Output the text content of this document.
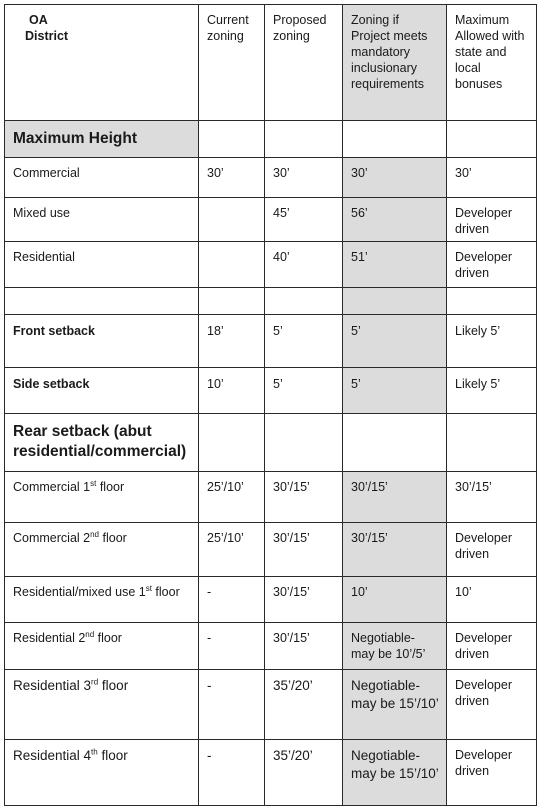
OA
District	Current zoning	Proposed zoning	Zoning if Project meets mandatory inclusionary requirements	Maximum Allowed with state and local bonuses
Maximum Height				
Commercial	30’	30’	30’	30’
Mixed use		45’	56’	Developer driven
Residential		40’	51’	Developer driven

Front setback	18’	5’	5’	Likely 5’
Side setback	10’	5’	5’	Likely 5’
Rear setback (abut residential/commercial)				
Commercial 1st floor	25’/10’	30’/15’	30’/15’	30’/15’
Commercial 2nd floor	25’/10’	30’/15’	30’/15’	Developer driven
Residential/mixed use 1st floor	-	30’/15’	10’	10’
Residential 2nd floor	-	30’/15’	Negotiable- may be 10’/5’	Developer driven
Residential 3rd floor	-	35’/20’	Negotiable- may be 15’/10’	Developer driven
Residential 4th floor	-	35’/20’	Negotiable- may be 15’/10’	Developer driven
